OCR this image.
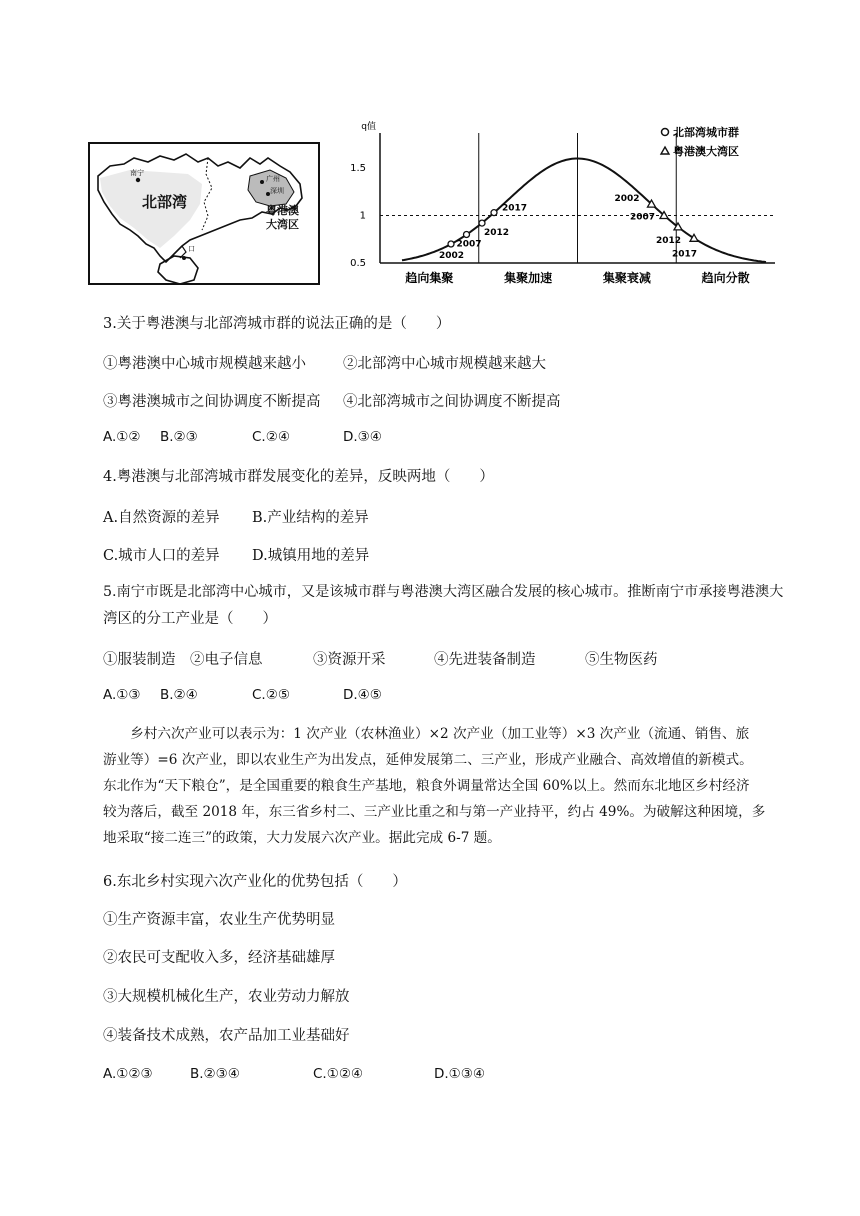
南宁
北部湾
广州
深圳
粤港澳
大湾区
口
q值
1.5
1
0.5
趋向集聚	集聚加速	集聚衰减	趋向分散
2002
2007
2012
2017
2002
2007
2012
2017
北部湾城市群
粤港澳大湾区
3.关于粤港澳与北部湾城市群的说法正确的是（　　）
①粤港澳中心城市规模越来越小	②北部湾中心城市规模越来越大
③粤港澳城市之间协调度不断提高 ④北部湾城市之间协调度不断提高
A.①② B.②③	C.②④	D.③④
4.粤港澳与北部湾城市群发展变化的差异，反映两地（　　）
A.自然资源的差异 B.产业结构的差异
C.城市人口的差异 D.城镇用地的差异
5.南宁市既是北部湾中心城市，又是该城市群与粤港澳大湾区融合发展的核心城市。推断南宁市承接粤港澳大
湾区的分工产业是（　　）
①服装制造 ②电子信息	③资源开采	④先进装备制造	⑤生物医药
A.①③ B.②④	C.②⑤	D.④⑤
　　乡村六次产业可以表示为：1 次产业（农林渔业）×2 次产业（加工业等）×3 次产业（流通、销售、旅
游业等）=6 次产业，即以农业生产为出发点，延伸发展第二、三产业，形成产业融合、高效增值的新模式。
东北作为“天下粮仓”，是全国重要的粮食生产基地，粮食外调量常达全国 60%以上。然而东北地区乡村经济
较为落后，截至 2018 年，东三省乡村二、三产业比重之和与第一产业持平，约占 49%。为破解这种困境，多
地采取“接二连三”的政策，大力发展六次产业。据此完成 6-7 题。
6.东北乡村实现六次产业化的优势包括（　　）
①生产资源丰富，农业生产优势明显
②农民可支配收入多，经济基础雄厚
③大规模机械化生产，农业劳动力解放
④装备技术成熟，农产品加工业基础好
A.①②③	B.②③④	C.①②④	D.①③④
